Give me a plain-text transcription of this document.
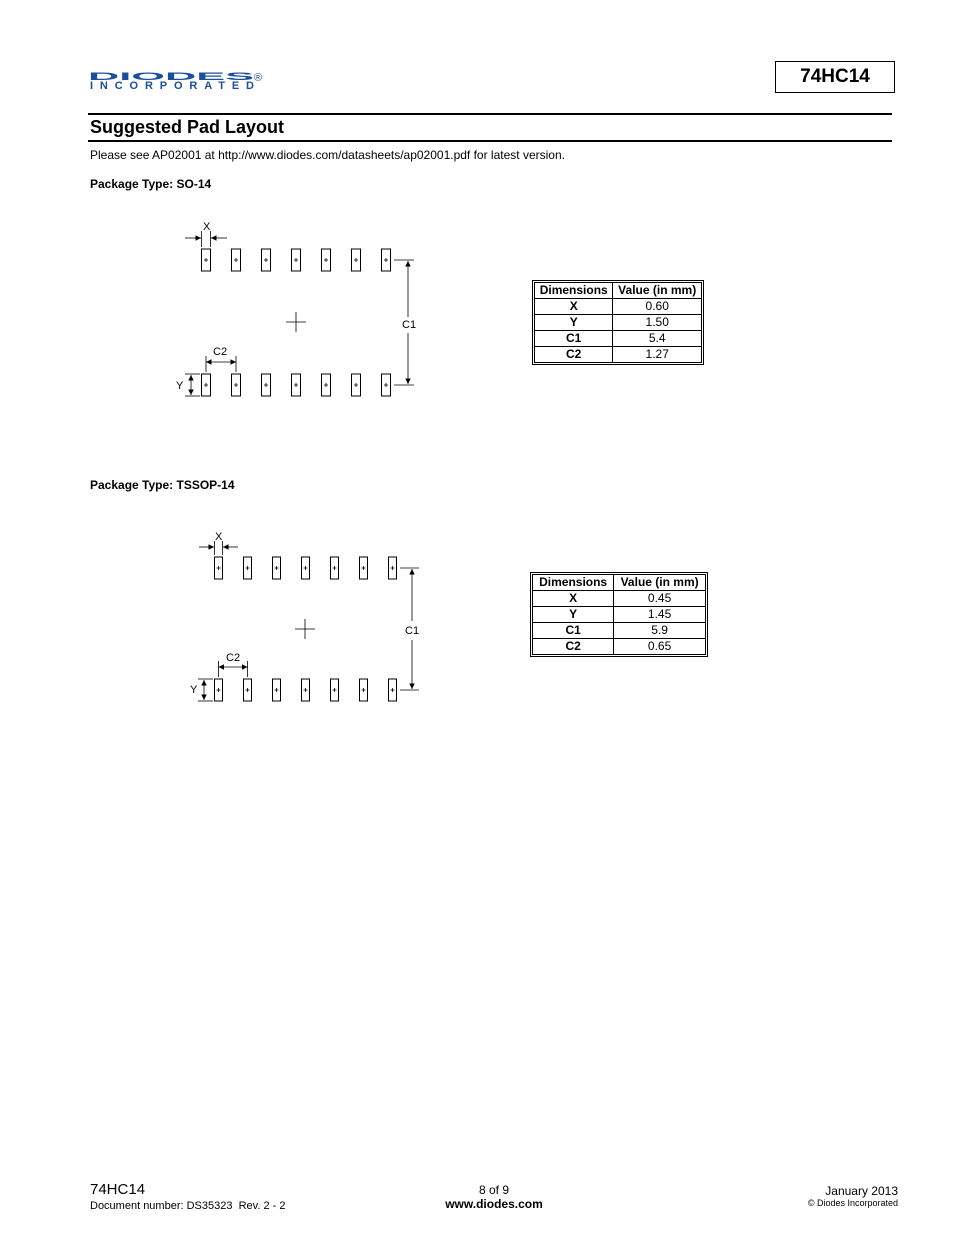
DIODES ®
INCORPORATED	74HC14
Suggested Pad Layout
Please see AP02001 at http://www.diodes.com/datasheets/ap02001.pdf for latest version.
Package Type: SO-14
X
C1
C2
Y
Dimensions	Value (in mm)
X	0.60
Y	1.50
C1	5.4
C2	1.27
Package Type: TSSOP-14
X
C1
C2
Y
Dimensions	Value (in mm)
X	0.45
Y	1.45
C1	5.9
C2	0.65
74HC14
Document number: DS35323  Rev. 2 - 2
8 of 9
www.diodes.com
January 2013
© Diodes Incorporated
